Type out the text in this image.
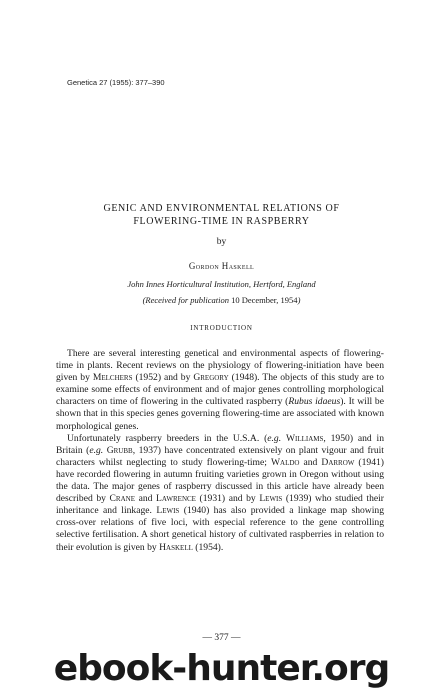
Genetica 27 (1955): 377–390
GENIC AND ENVIRONMENTAL RELATIONS OF
FLOWERING-TIME IN RASPBERRY
by
Gordon Haskell
John Innes Horticultural Institution, Hertford, England
(Received for publication 10 December, 1954)
INTRODUCTION

There are several interesting genetical and environmental aspects of flowering-time in plants. Recent reviews on the physiology of flowering-initiation have been given by Melchers (1952) and by Gregory (1948). The objects of this study are to examine some effects of environment and of major genes controlling morphological characters on time of flowering in the cultivated raspberry (Rubus idaeus). It will be shown that in this species genes governing flowering-time are associated with known morphological genes.

Unfortunately raspberry breeders in the U.S.A. (e.g. Williams, 1950) and in Britain (e.g. Grubb, 1937) have concentrated extensively on plant vigour and fruit characters whilst neglecting to study flowering-time; Waldo and Darrow (1941) have recorded flowering in autumn fruiting varieties grown in Oregon without using the data. The major genes of raspberry discussed in this article have already been described by Crane and Lawrence (1931) and by Lewis (1939) who studied their inheritance and linkage. Lewis (1940) has also provided a linkage map showing cross-over relations of five loci, with especial reference to the gene controlling selective fertilisation. A short genetical history of cultivated raspberries in relation to their evolution is given by Haskell (1954).

— 377 —
ebook-hunter.org
